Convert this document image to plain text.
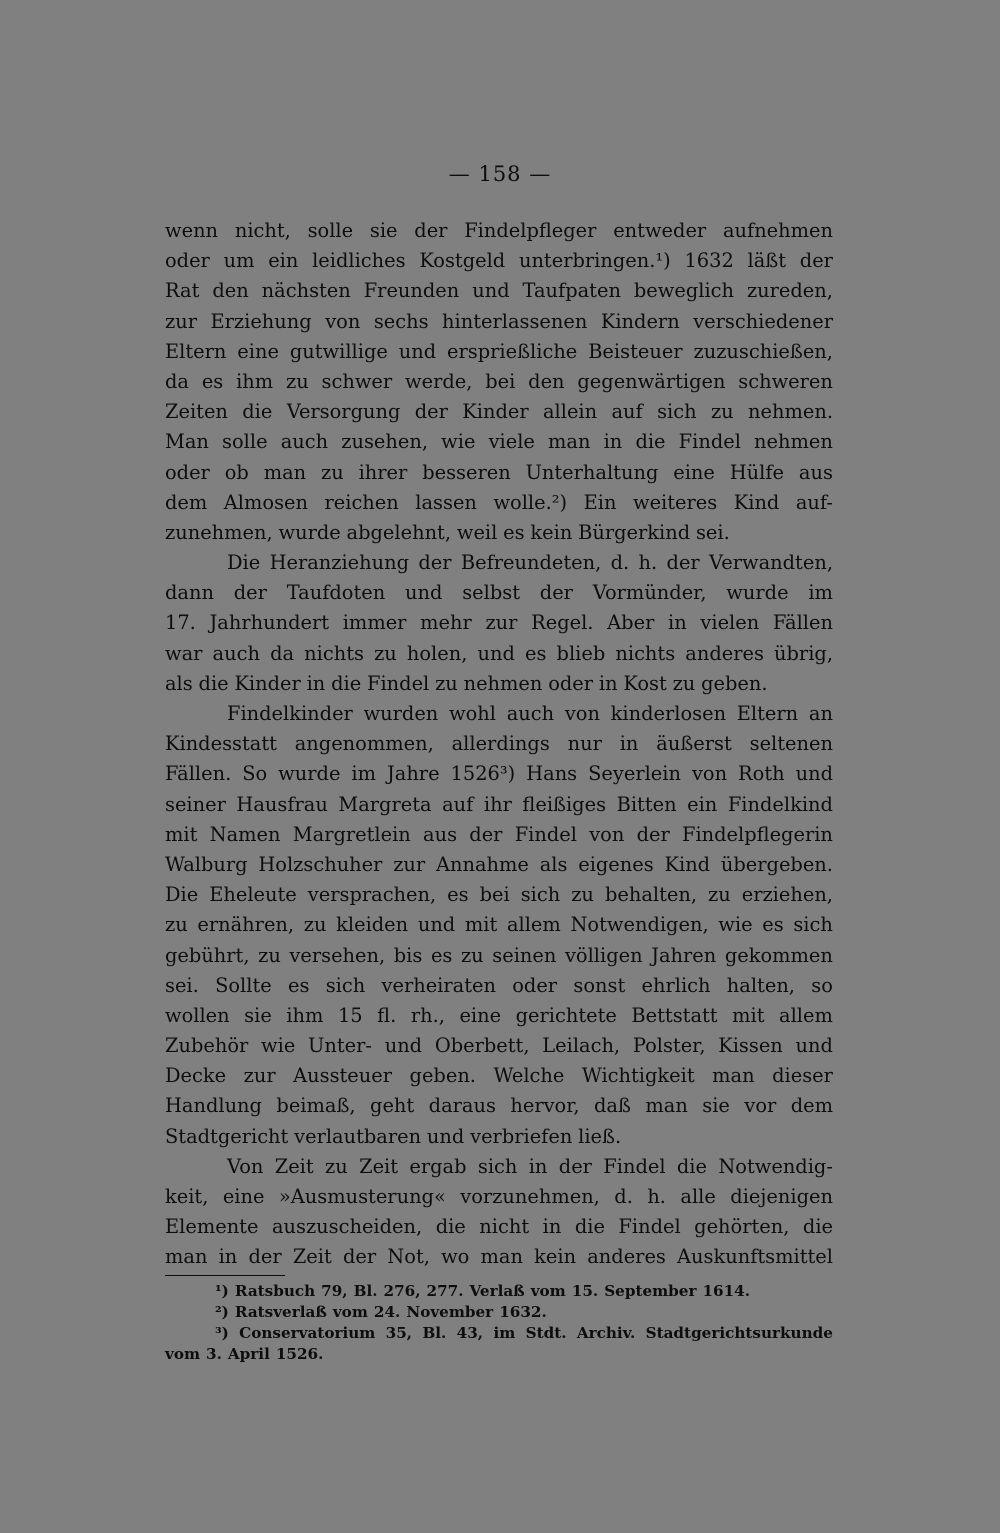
— 158 —
wenn nicht, solle sie der Findelpfleger entweder aufnehmen
oder um ein leidliches Kostgeld unterbringen.¹) 1632 läßt der
Rat den nächsten Freunden und Taufpaten beweglich zureden,
zur Erziehung von sechs hinterlassenen Kindern verschiedener
Eltern eine gutwillige und ersprießliche Beisteuer zuzuschießen,
da es ihm zu schwer werde, bei den gegenwärtigen schweren
Zeiten die Versorgung der Kinder allein auf sich zu nehmen.
Man solle auch zusehen, wie viele man in die Findel nehmen
oder ob man zu ihrer besseren Unterhaltung eine Hülfe aus
dem Almosen reichen lassen wolle.²) Ein weiteres Kind auf-
zunehmen, wurde abgelehnt, weil es kein Bürgerkind sei.
Die Heranziehung der Befreundeten, d. h. der Verwandten,
dann der Taufdoten und selbst der Vormünder, wurde im
17. Jahrhundert immer mehr zur Regel. Aber in vielen Fällen
war auch da nichts zu holen, und es blieb nichts anderes übrig,
als die Kinder in die Findel zu nehmen oder in Kost zu geben.
Findelkinder wurden wohl auch von kinderlosen Eltern an
Kindesstatt angenommen, allerdings nur in äußerst seltenen
Fällen. So wurde im Jahre 1526³) Hans Seyerlein von Roth und
seiner Hausfrau Margreta auf ihr fleißiges Bitten ein Findelkind
mit Namen Margretlein aus der Findel von der Findelpflegerin
Walburg Holzschuher zur Annahme als eigenes Kind übergeben.
Die Eheleute versprachen, es bei sich zu behalten, zu erziehen,
zu ernähren, zu kleiden und mit allem Notwendigen, wie es sich
gebührt, zu versehen, bis es zu seinen völligen Jahren gekommen
sei. Sollte es sich verheiraten oder sonst ehrlich halten, so
wollen sie ihm 15 fl. rh., eine gerichtete Bettstatt mit allem
Zubehör wie Unter- und Oberbett, Leilach, Polster, Kissen und
Decke zur Aussteuer geben. Welche Wichtigkeit man dieser
Handlung beimaß, geht daraus hervor, daß man sie vor dem
Stadtgericht verlautbaren und verbriefen ließ.
Von Zeit zu Zeit ergab sich in der Findel die Notwendig-
keit, eine »Ausmusterung« vorzunehmen, d. h. alle diejenigen
Elemente auszuscheiden, die nicht in die Findel gehörten, die
man in der Zeit der Not, wo man kein anderes Auskunftsmittel
¹) Ratsbuch 79, Bl. 276, 277. Verlaß vom 15. September 1614.
²) Ratsverlaß vom 24. November 1632.
³) Conservatorium 35, Bl. 43, im Stdt. Archiv. Stadtgerichtsurkunde
vom 3. April 1526.
